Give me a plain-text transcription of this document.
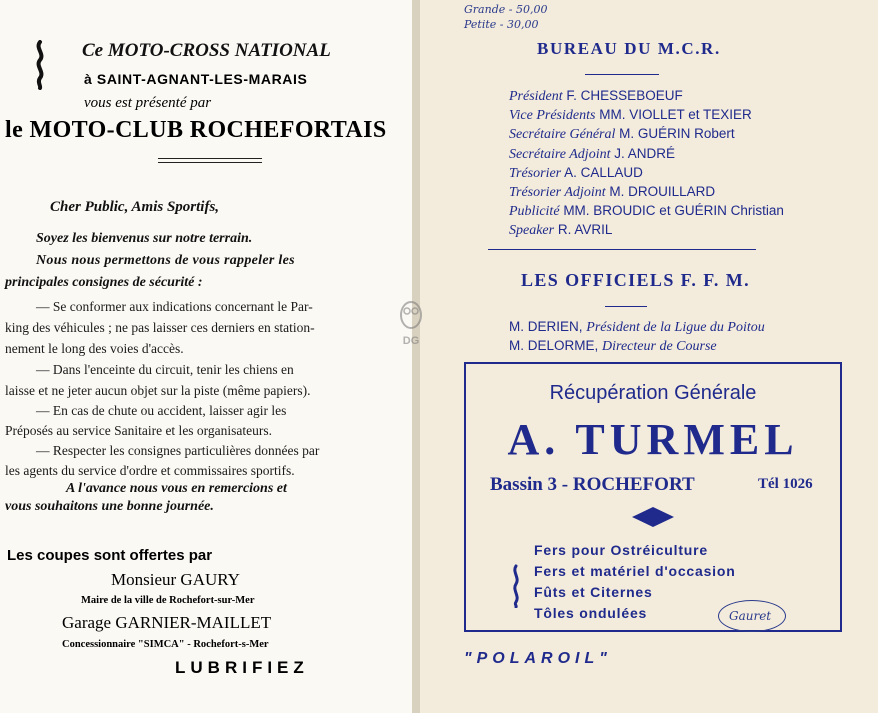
Ce MOTO-CROSS NATIONAL
à SAINT-AGNANT-LES-MARAIS
vous est présenté par
le MOTO-CLUB ROCHEFORTAIS
Cher Public, Amis Sportifs,
Soyez les bienvenus sur notre terrain.
Nous nous permettons de vous rappeler les
principales consignes de sécurité :
— Se conformer aux indications concernant le Par-
king des véhicules ; ne pas laisser ces derniers en station-
nement le long des voies d'accès.
— Dans l'enceinte du circuit, tenir les chiens en
laisse et ne jeter aucun objet sur la piste (même papiers).
— En cas de chute ou accident, laisser agir les
Préposés au service Sanitaire et les organisateurs.
— Respecter les consignes particulières données par
les agents du service d'ordre et commissaires sportifs.
A l'avance nous vous en remercions et
vous souhaitons une bonne journée.
Les coupes sont offertes par
Monsieur GAURY
Maire de la ville de Rochefort-sur-Mer
Garage GARNIER-MAILLET
Concessionnaire "SIMCA" - Rochefort-s-Mer
LUBRIFIEZ
Grande - 50,00
Petite - 30,00
BUREAU DU M.C.R.
Président F. CHESSEBOEUF
Vice Présidents MM. VIOLLET et TEXIER
Secrétaire Général M. GUÉRIN Robert
Secrétaire Adjoint J. ANDRÉ
Trésorier A. CALLAUD
Trésorier Adjoint M. DROUILLARD
Publicité MM. BROUDIC et GUÉRIN Christian
Speaker R. AVRIL
LES OFFICIELS F. F. M.
M. DERIEN, Président de la Ligue du Poitou
M. DELORME, Directeur de Course
Récupération Générale
A. TURMEL
Bassin 3 - ROCHEFORT	Tél 1026
Fers pour Ostréiculture
Fers et matériel d'occasion
Fûts et Citernes
Tôles ondulées	Gauret
"POLAROIL"
DG
